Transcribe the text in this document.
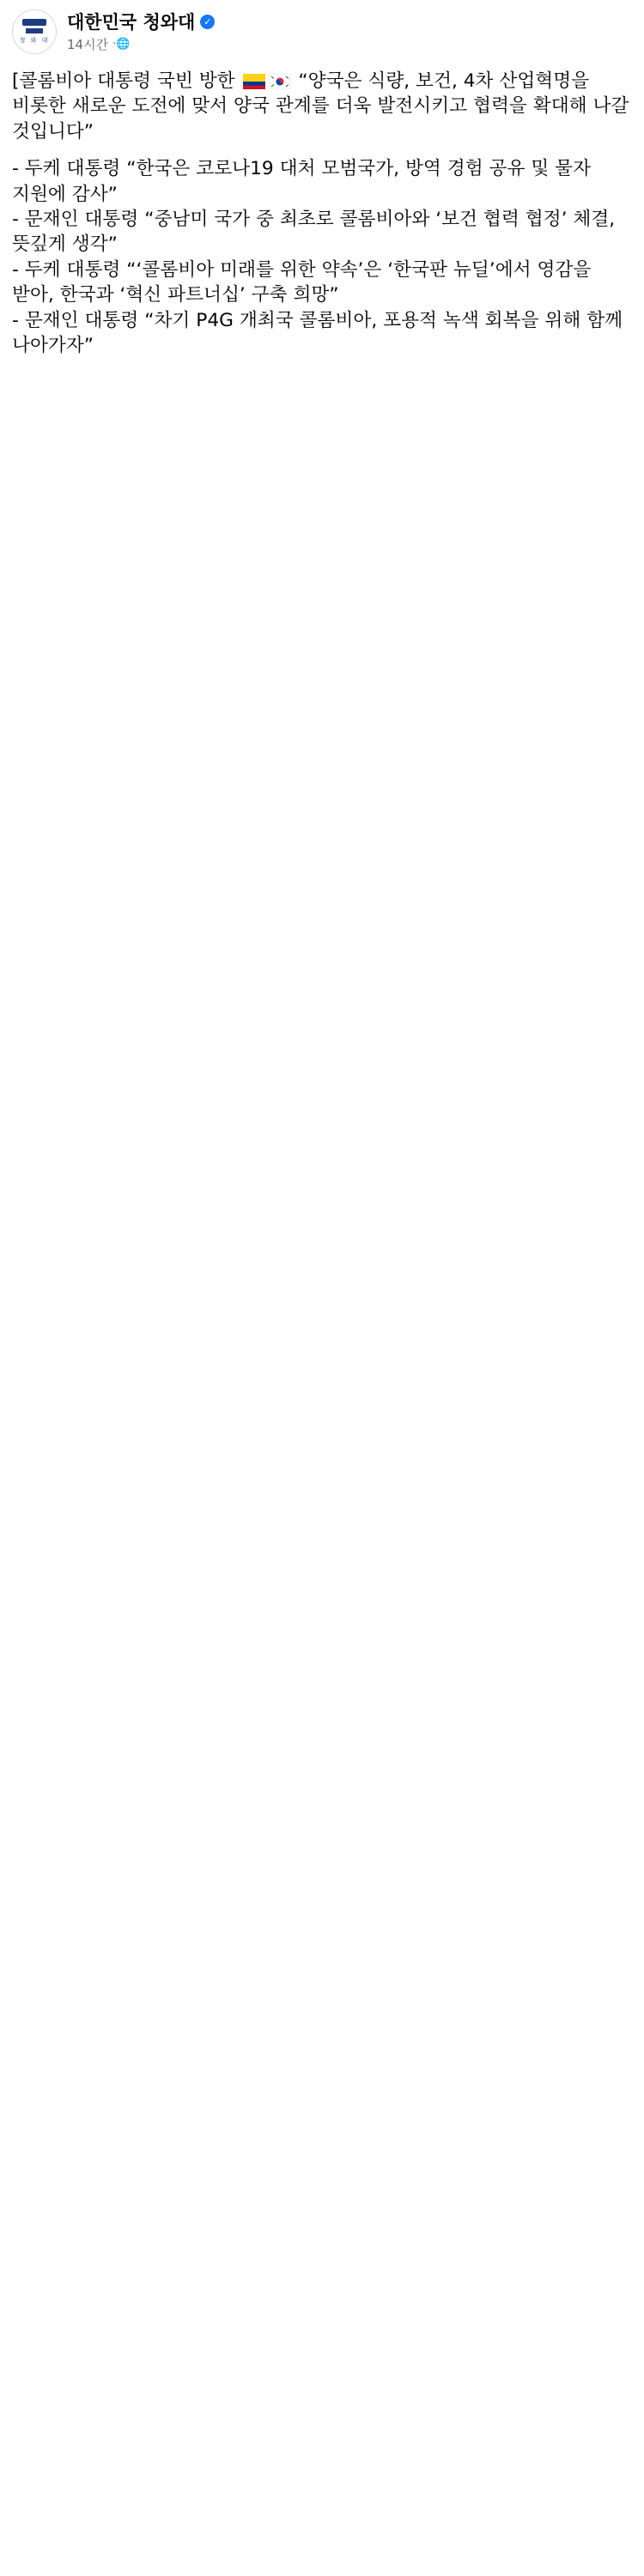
청 와 대
대한민국 청와대 ✓
14시간 ·🌐

[콜롬비아 대통령 국빈 방한	“양국은 식량, 보건, 4차 산업혁명을 비롯한 새로운 도전에 맞서 양국 관계를 더욱 발전시키고 협력을 확대해 나갈 것입니다”

- 두케 대통령 “한국은 코로나19 대처 모범국가, 방역 경험 공유 및 물자 지원에 감사”
- 문재인 대통령 “중남미 국가 중 최초로 콜롬비아와 ‘보건 협력 협정’ 체결, 뜻깊게 생각”
- 두케 대통령 “‘콜롬비아 미래를 위한 약속’은 ‘한국판 뉴딜’에서 영감을 받아, 한국과 ‘혁신 파트너십’ 구축 희망”
- 문재인 대통령 “차기 P4G 개최국 콜롬비아, 포용적 녹색 회복을 위해 함께 나아가자”
